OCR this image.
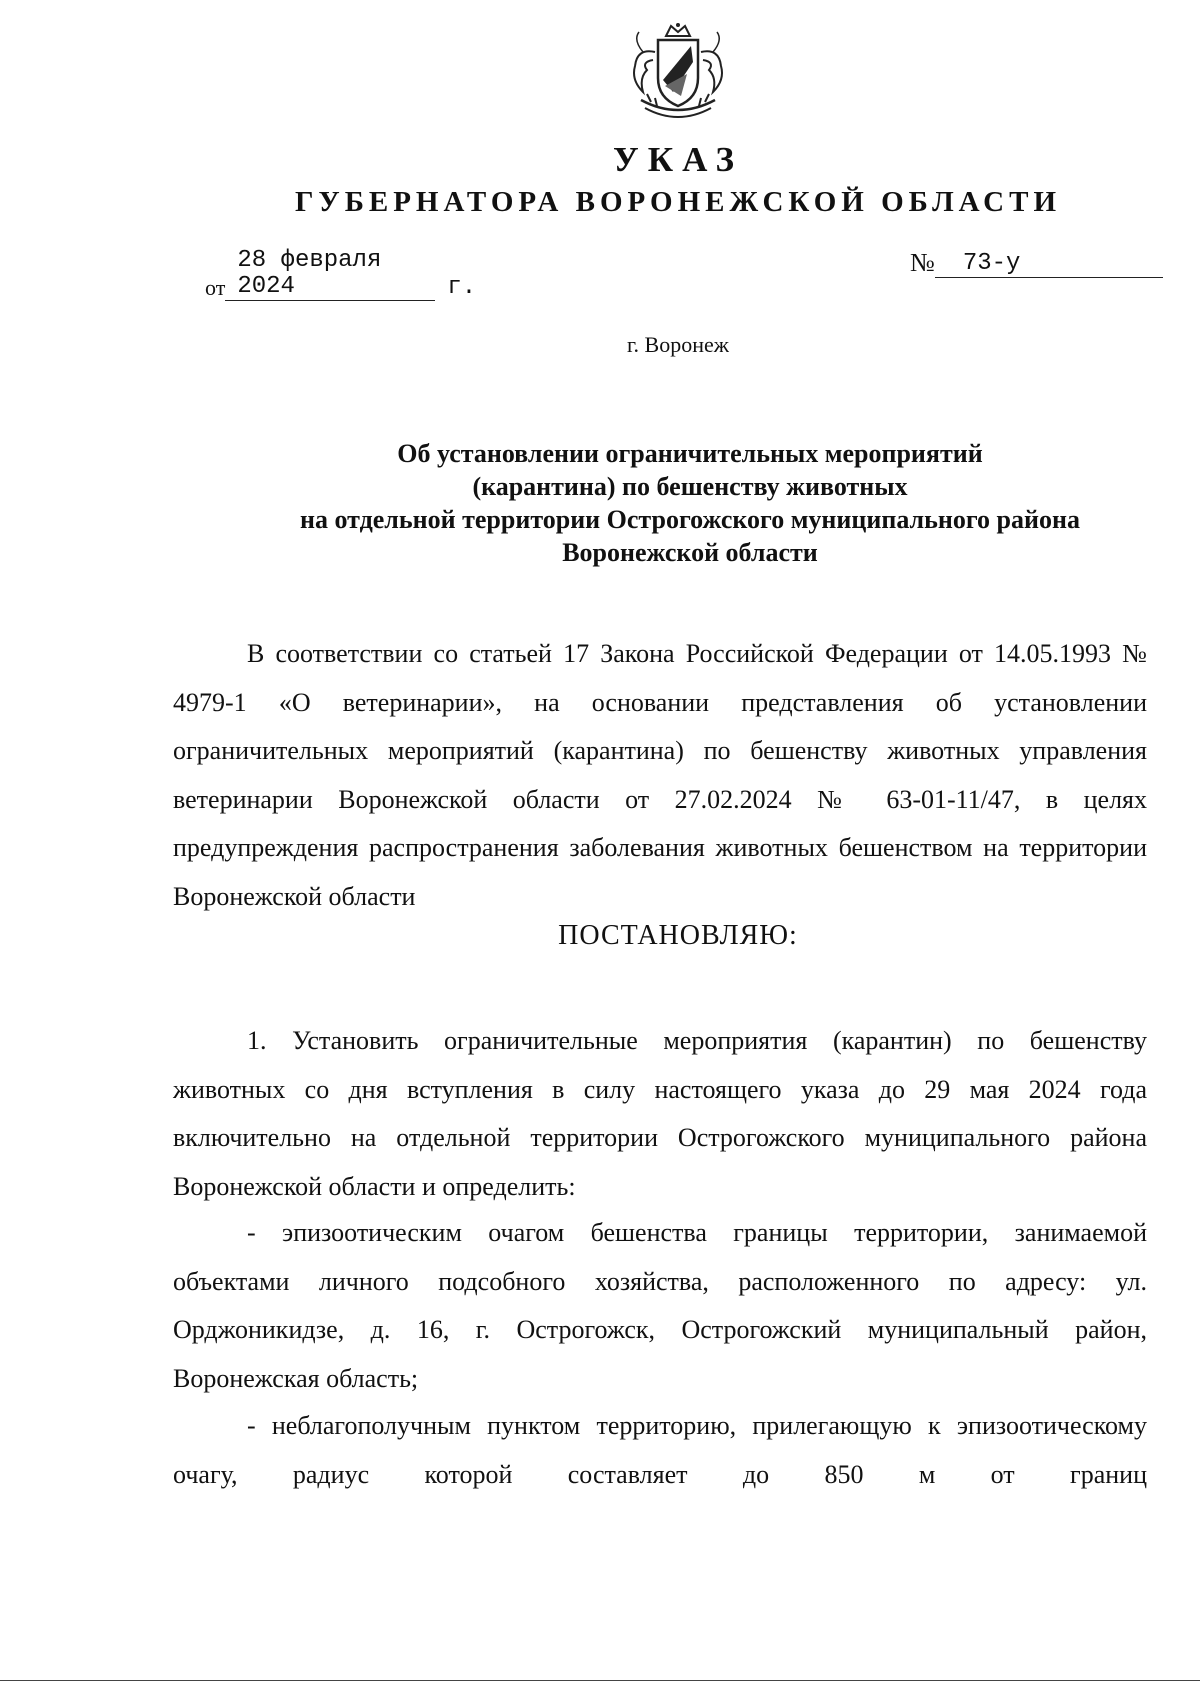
УКАЗ
ГУБЕРНАТОРА ВОРОНЕЖСКОЙ ОБЛАСТИ
от28 февраля 2024	г.
№ 73-у
г. Воронеж
Об установлении ограничительных мероприятий
(карантина) по бешенству животных
на отдельной территории Острогожского муниципального района
Воронежской области
В соответствии со статьей 17 Закона Российской Федерации от 14.05.1993 № 4979-1 «О ветеринарии», на основании представления об установлении ограничительных мероприятий (карантина) по бешенству животных управления ветеринарии Воронежской области от 27.02.2024 № 63-01-11/47, в целях предупреждения распространения заболевания животных бешенством на территории Воронежской области
ПОСТАНОВЛЯЮ:
1. Установить ограничительные мероприятия (карантин) по бешенству животных со дня вступления в силу настоящего указа до 29 мая 2024 года включительно на отдельной территории Острогожского муниципального района Воронежской области и определить:
- эпизоотическим очагом бешенства границы территории, занимаемой объектами личного подсобного хозяйства, расположенного по адресу: ул. Орджоникидзе, д. 16, г. Острогожск, Острогожский муниципальный район, Воронежская область;
- неблагополучным пунктом территорию, прилегающую к эпизоотическому очагу, радиус которой составляет до 850 м от границ
